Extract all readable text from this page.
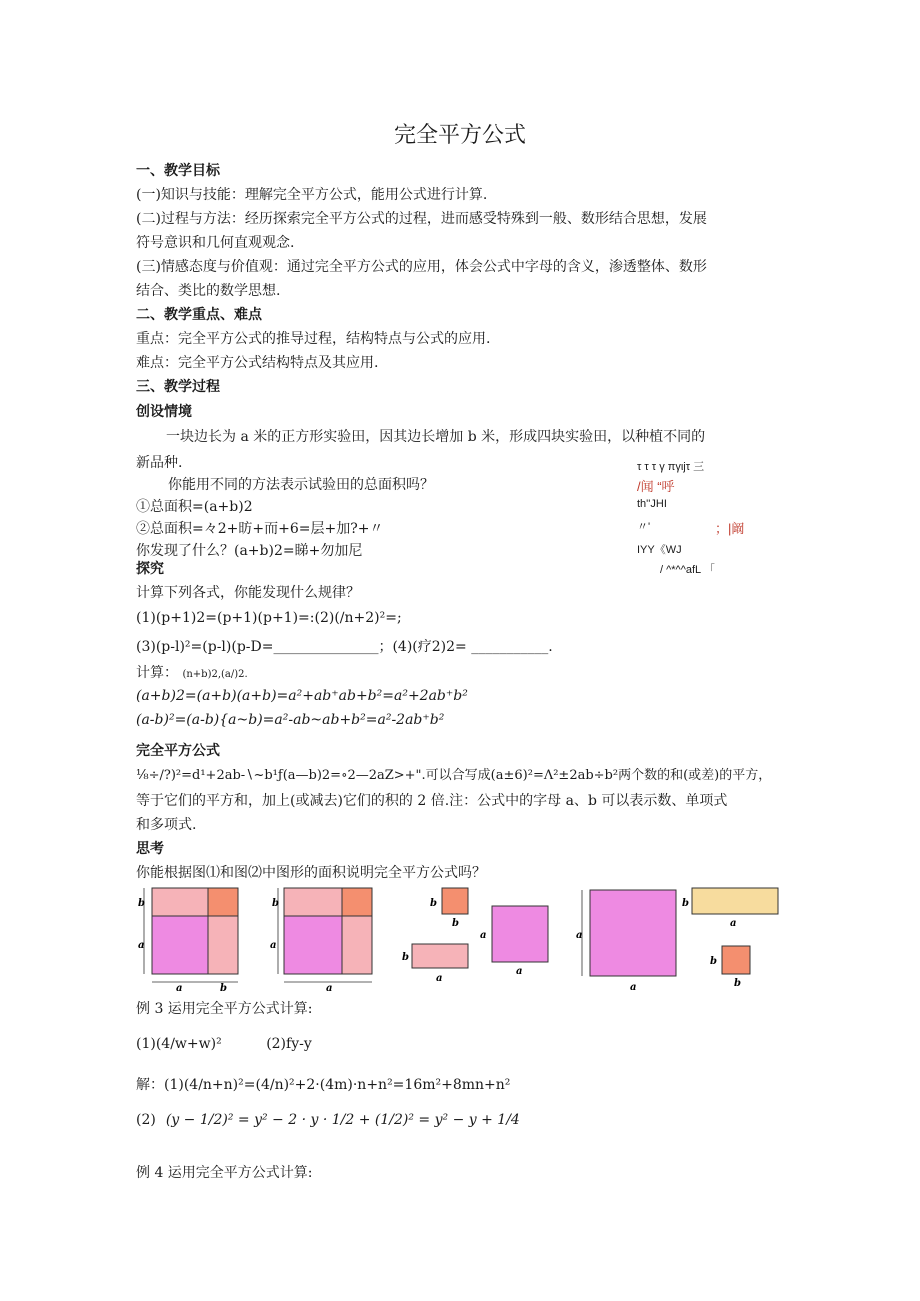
完全平方公式
一、教学目标
(一)知识与技能：理解完全平方公式，能用公式进行计算.
(二)过程与方法：经历探索完全平方公式的过程，进而感受特殊到一般、数形结合思想，发展
符号意识和几何直观观念.
(三)情感态度与价值观：通过完全平方公式的应用，体会公式中字母的含义，渗透整体、数形
结合、类比的数学思想.
二、教学重点、难点
重点：完全平方公式的推导过程，结构特点与公式的应用.
难点：完全平方公式结构特点及其应用.
三、教学过程
创设情境
一块边长为 a 米的正方形实验田，因其边长增加 b 米，形成四块实验田，以种植不同的
新品种.
你能用不同的方法表示试验田的总面积吗？
①总面积=(a+b)2
②总面积=々2+昉+而+6=层+加?+〃
你发现了什么？(a+b)2=睇+勿加尼
τ τ τ γ πγιjτ 三
/闻 “呼
th''JHI
〃'	；|阚
IYY《WJ
/ ^*^^afL 「
探究
计算下列各式，你能发现什么规律？
(1)(p+1)2=(p+1)(p+1)=:(2)(∕n+2)²=;
(3)(p-l)²=(p-l)(p-D=_______________；(4)(疗2)2= ___________.
计算： (n+b)2,(a/)2.
(a+b)2=(a+b)(a+b)=a²+ab⁺ab+b²=a²+2ab⁺b²
(a-b)²=(a-b){a~b)=a²-ab~ab+b²=a²-2ab⁺b²
完全平方公式
⅛÷∕?)²=d¹+2ab-∖~b¹ƒ(a—b)2=∘2—2aZ>+".可以合写成(a±6)²=Λ²±2ab÷b²两个数的和(或差)的平方，
等于它们的平方和，加上(或减去)它们的积的 2 倍.注：公式中的字母 a、b 可以表示数、单项式
和多项式.
思考
你能根据图⑴和图⑵中图形的面积说明完全平方公式吗？
b
a
a	b
b
a
a
b
b
a
a
b
a
a
a
b
a
b
b
例 3 运用完全平方公式计算:
(1)(4∕w+w)²          (2)fy-y
解：(1)(4∕n+n)²=(4∕n)²+2·(4m)·n+n²=16m²+8mn+n²
(2) (y − 1/2)² = y² − 2 · y · 1/2 + (1/2)² = y² − y + 1/4
例 4 运用完全平方公式计算:
